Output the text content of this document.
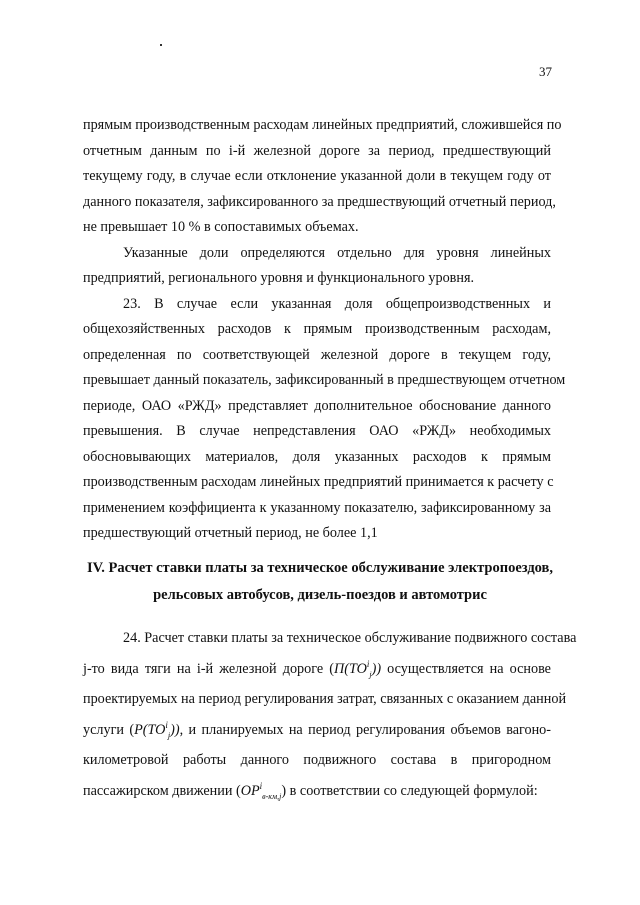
37
прямым производственным расходам линейных предприятий, сложившейся по
отчетным данным по i-й железной дороге за период, предшествующий
текущему году, в случае если отклонение указанной доли в текущем году от
данного показателя, зафиксированного за предшествующий отчетный период,
не превышает 10 % в сопоставимых объемах.
Указанные доли определяются отдельно для уровня линейных
предприятий, регионального уровня и функционального уровня.
23. В случае если указанная доля общепроизводственных и
общехозяйственных расходов к прямым производственным расходам,
определенная по соответствующей железной дороге в текущем году,
превышает данный показатель, зафиксированный в предшествующем отчетном
периоде, ОАО «РЖД» представляет дополнительное обоснование данного
превышения. В случае непредставления ОАО «РЖД» необходимых
обосновывающих материалов, доля указанных расходов к прямым
производственным расходам линейных предприятий принимается к расчету с
применением коэффициента к указанному показателю, зафиксированному за
предшествующий отчетный период, не более 1,1
IV. Расчет ставки платы за техническое обслуживание электропоездов,
рельсовых автобусов, дизель-поездов и автомотрис
24. Расчет ставки платы за техническое обслуживание подвижного состава
j-то вида тяги на i-й железной дороге $(П(TO^i_j))$ осуществляется на основе
проектируемых на период регулирования затрат, связанных с оказанием данной
услуги $(P(TO^i_j))$, и планируемых на период регулирования объемов вагоно-
километровой работы данного подвижного состава в пригородном
пассажирском движении $(OP^i_{в-км,j})$ в соответствии со следующей формулой:
